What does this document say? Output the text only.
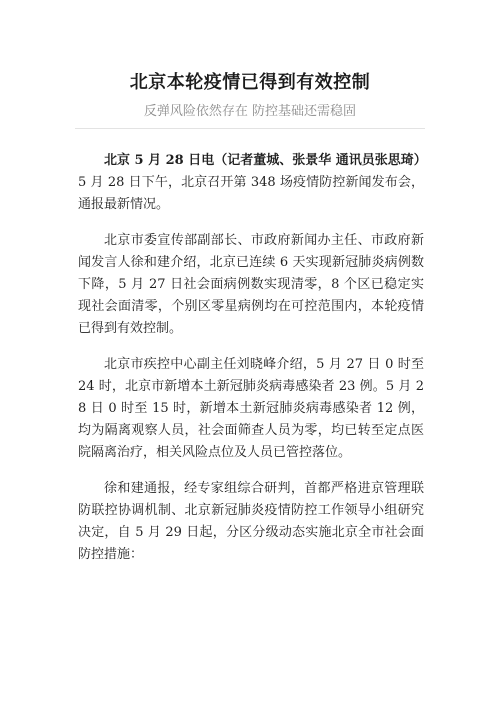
北京本轮疫情已得到有效控制
反弹风险依然存在 防控基础还需稳固

北京 5 月 28 日电（记者董城、张景华 通讯员张思琦）5 月 28 日下午，北京召开第 348 场疫情防控新闻发布会，通报最新情况。

北京市委宣传部副部长、市政府新闻办主任、市政府新闻发言人徐和建介绍，北京已连续 6 天实现新冠肺炎病例数下降，5 月 27 日社会面病例数实现清零，8 个区已稳定实现社会面清零，个别区零星病例均在可控范围内，本轮疫情已得到有效控制。

北京市疾控中心副主任刘晓峰介绍，5 月 27 日 0 时至 24 时，北京市新增本土新冠肺炎病毒感染者 23 例。5 月 28 日 0 时至 15 时，新增本土新冠肺炎病毒感染者 12 例，均为隔离观察人员，社会面筛查人员为零，均已转至定点医院隔离治疗，相关风险点位及人员已管控落位。

徐和建通报，经专家组综合研判，首都严格进京管理联防联控协调机制、北京新冠肺炎疫情防控工作领导小组研究决定，自 5 月 29 日起，分区分级动态实施北京全市社会面防控措施：
